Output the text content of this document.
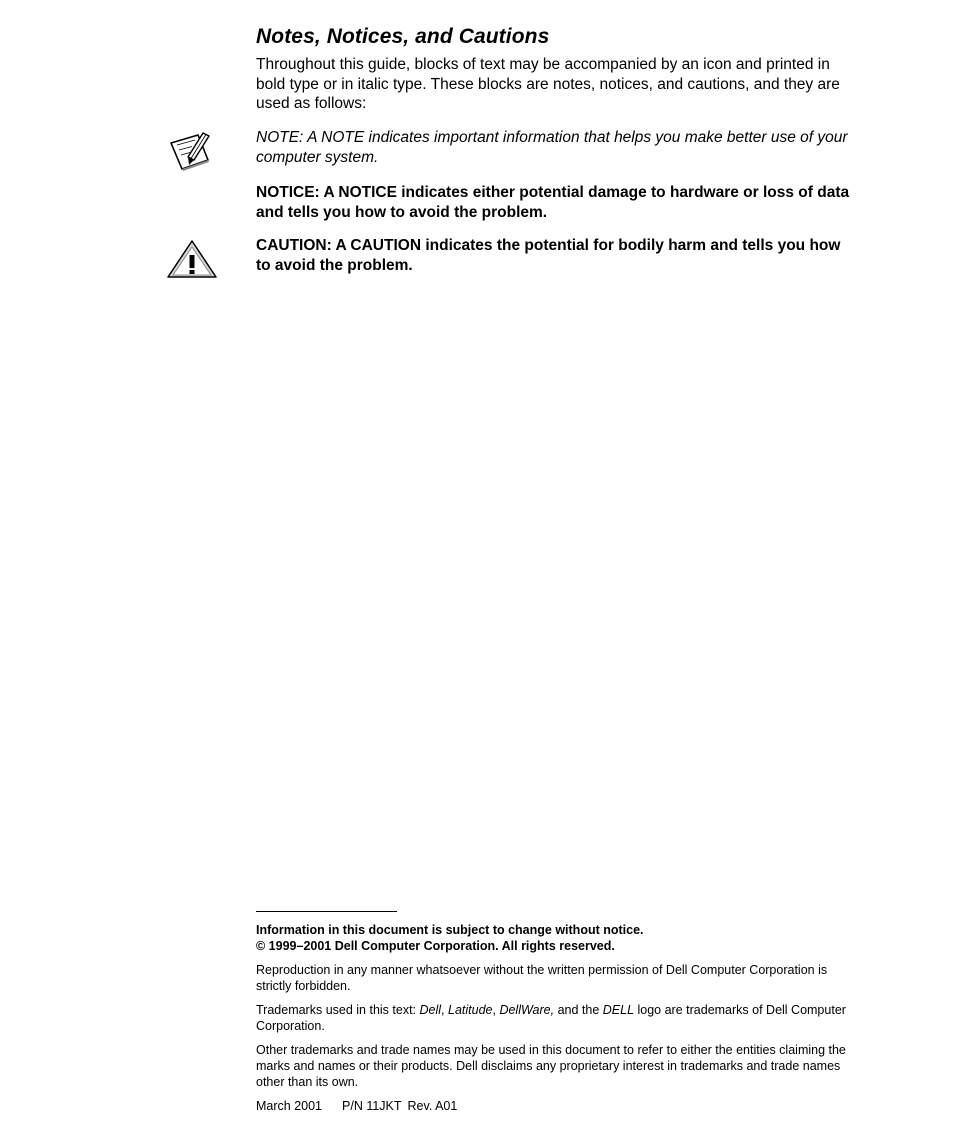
Notes, Notices, and Cautions

Throughout this guide, blocks of text may be accompanied by an icon and printed in bold type or in italic type. These blocks are notes, notices, and cautions, and they are used as follows:

NOTE: A NOTE indicates important information that helps you make better use of your computer system.

NOTICE: A NOTICE indicates either potential damage to hardware or loss of data and tells you how to avoid the problem.

CAUTION: A CAUTION indicates the potential for bodily harm and tells you how to avoid the problem.

Information in this document is subject to change without notice.
© 1999–2001 Dell Computer Corporation. All rights reserved.

Reproduction in any manner whatsoever without the written permission of Dell Computer Corporation is strictly forbidden.

Trademarks used in this text: Dell, Latitude, DellWare, and the DELL logo are trademarks of Dell Computer Corporation.

Other trademarks and trade names may be used in this document to refer to either the entities claiming the marks and names or their products. Dell disclaims any proprietary interest in trademarks and trade names other than its own.

March 2001 P/N 11JKT Rev. A01
